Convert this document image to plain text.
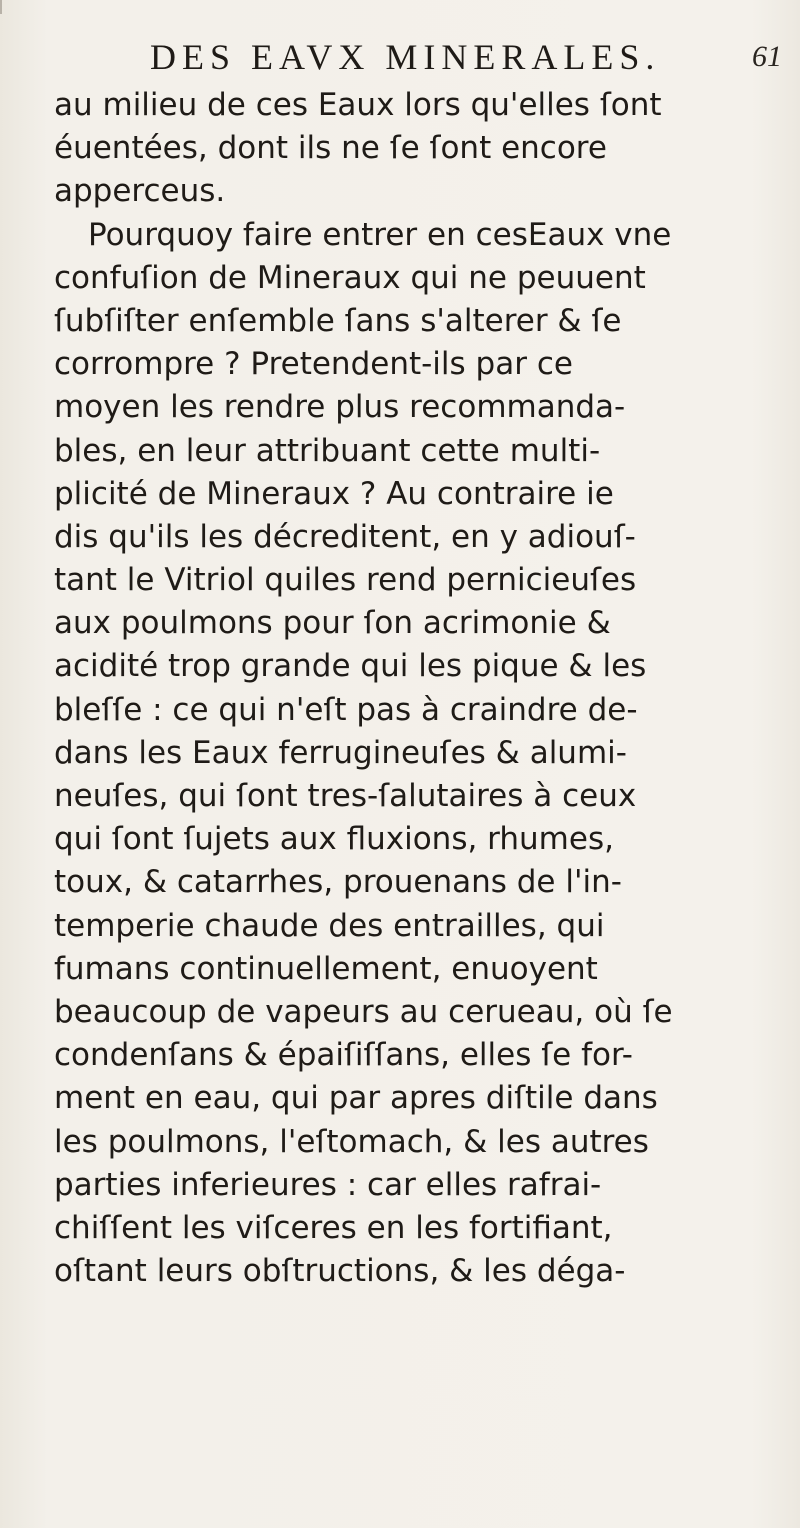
DES EAVX MINERALES.	61
au milieu de ces Eaux lors qu'elles ſont
éuentées, dont ils ne ſe ſont encore
apperceus.
Pourquoy faire entrer en cesEaux vne
confuſion de Mineraux qui ne peuuent
ſubſiſter enſemble ſans s'alterer & ſe
corrompre ? Pretendent-ils par ce
moyen les rendre plus recommanda-
bles, en leur attribuant cette multi-
plicité de Mineraux ? Au contraire ie
dis qu'ils les décreditent, en y adiouſ-
tant le Vitriol quiles rend pernicieuſes
aux poulmons pour ſon acrimonie &
acidité trop grande qui les pique & les
bleſſe : ce qui n'eſt pas à craindre de-
dans les Eaux ferrugineuſes & alumi-
neuſes, qui ſont tres-ſalutaires à ceux
qui ſont ſujets aux fluxions, rhumes,
toux, & catarrhes, prouenans de l'in-
temperie chaude des entrailles, qui
fumans continuellement, enuoyent
beaucoup de vapeurs au cerueau, où ſe
condenſans & épaiſiſſans, elles ſe for-
ment en eau, qui par apres diſtile dans
les poulmons, l'eſtomach, & les autres
parties inferieures : car elles rafrai-
chiſſent les viſceres en les fortifiant,
oſtant leurs obſtructions, & les déga-
